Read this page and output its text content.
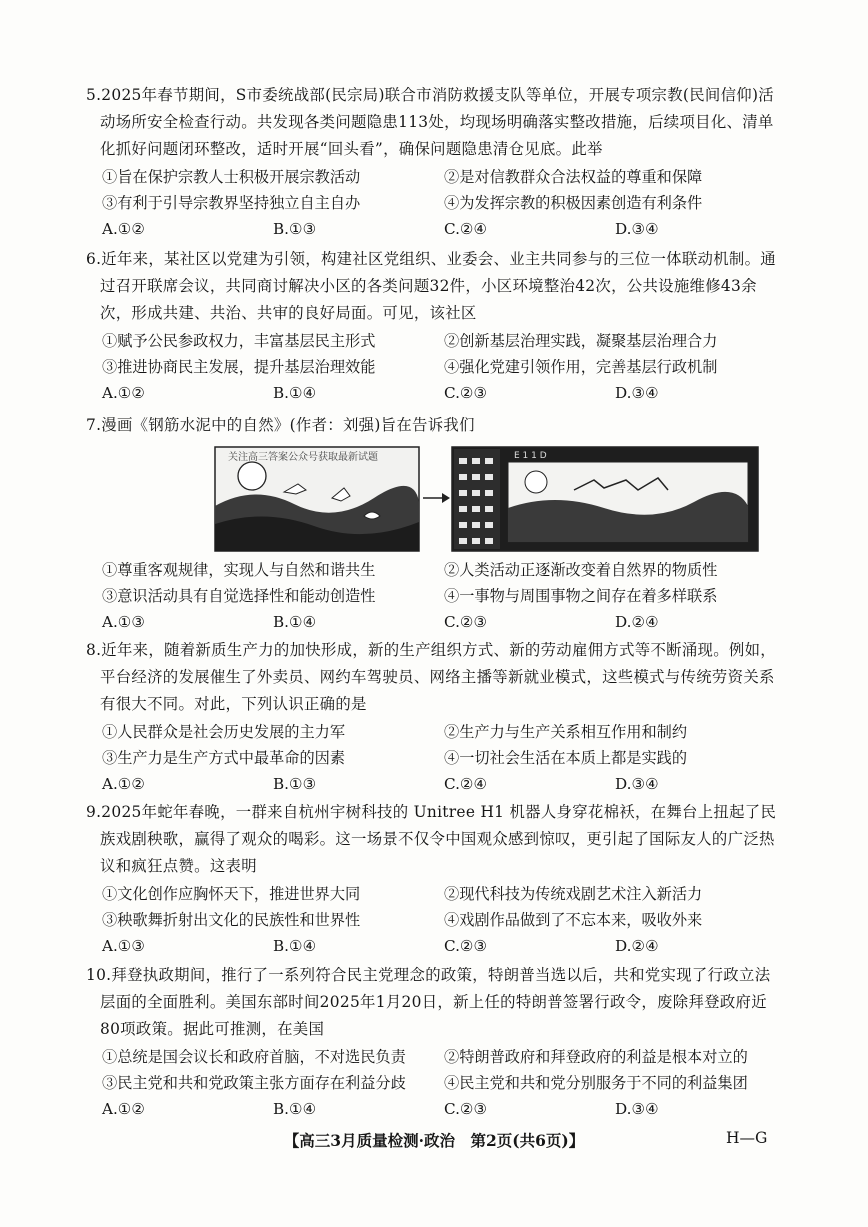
5.2025年春节期间，S市委统战部(民宗局)联合市消防救援支队等单位，开展专项宗教(民间信仰)活动场所安全检查行动。共发现各类问题隐患113处，均现场明确落实整改措施，后续项目化、清单化抓好问题闭环整改，适时开展“回头看”，确保问题隐患清仓见底。此举

①旨在保护宗教人士积极开展宗教活动	②是对信教群众合法权益的尊重和保障
③有利于引导宗教界坚持独立自主自办	④为发挥宗教的积极因素创造有利条件
A.①②	B.①③	C.②④	D.③④

6.近年来，某社区以党建为引领，构建社区党组织、业委会、业主共同参与的三位一体联动机制。通过召开联席会议，共同商讨解决小区的各类问题32件，小区环境整治42次，公共设施维修43余次，形成共建、共治、共审的良好局面。可见，该社区

①赋予公民参政权力，丰富基层民主形式	②创新基层治理实践，凝聚基层治理合力
③推进协商民主发展，提升基层治理效能	④强化党建引领作用，完善基层行政机制
A.①②	B.①④	C.②③	D.③④

7.漫画《钢筋水泥中的自然》(作者：刘强)旨在告诉我们

关注高三答案公众号获取最新试题	E 1 1 D
①尊重客观规律，实现人与自然和谐共生	②人类活动正逐渐改变着自然界的物质性
③意识活动具有自觉选择性和能动创造性	④一事物与周围事物之间存在着多样联系
A.①③	B.①④	C.②③	D.②④

8.近年来，随着新质生产力的加快形成，新的生产组织方式、新的劳动雇佣方式等不断涌现。例如，平台经济的发展催生了外卖员、网约车驾驶员、网络主播等新就业模式，这些模式与传统劳资关系有很大不同。对此，下列认识正确的是

①人民群众是社会历史发展的主力军	②生产力与生产关系相互作用和制约
③生产力是生产方式中最革命的因素	④一切社会生活在本质上都是实践的
A.①②	B.①③	C.②④	D.③④

9.2025年蛇年春晚，一群来自杭州宇树科技的 Unitree H1 机器人身穿花棉袄，在舞台上扭起了民族戏剧秧歌，赢得了观众的喝彩。这一场景不仅令中国观众感到惊叹，更引起了国际友人的广泛热议和疯狂点赞。这表明

①文化创作应胸怀天下，推进世界大同	②现代科技为传统戏剧艺术注入新活力
③秧歌舞折射出文化的民族性和世界性	④戏剧作品做到了不忘本来，吸收外来
A.①③	B.①④	C.②③	D.②④

10.拜登执政期间，推行了一系列符合民主党理念的政策，特朗普当选以后，共和党实现了行政立法层面的全面胜利。美国东部时间2025年1月20日，新上任的特朗普签署行政令，废除拜登政府近80项政策。据此可推测，在美国

①总统是国会议长和政府首脑，不对选民负责	②特朗普政府和拜登政府的利益是根本对立的
③民主党和共和党政策主张方面存在利益分歧	④民主党和共和党分别服务于不同的利益集团
A.①②	B.①④	C.②③	D.③④
【高三3月质量检测·政治　第2页(共6页)】	H—G
